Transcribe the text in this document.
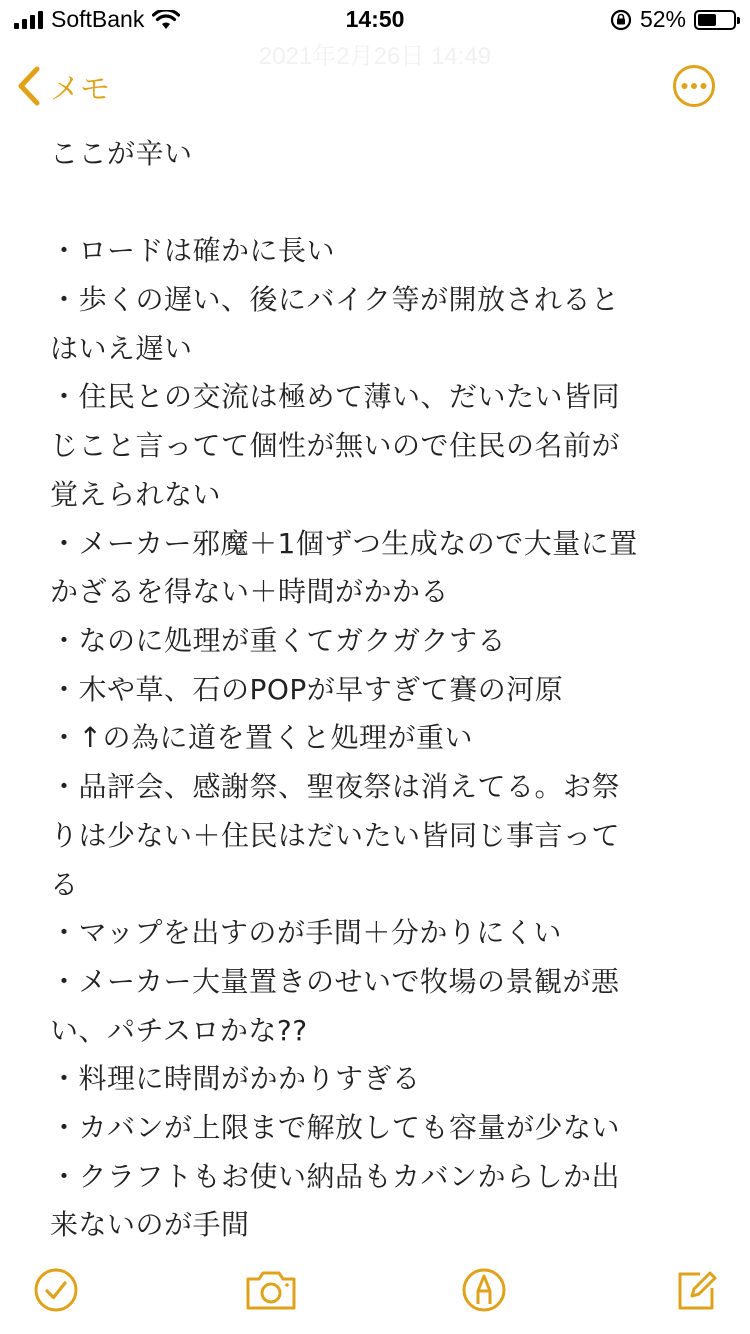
SoftBank	14:50	52%
2021年2月26日 14:49
メモ
ここが辛い
・ロードは確かに長い
・歩くの遅い、後にバイク等が開放されると
はいえ遅い
・住民との交流は極めて薄い、だいたい皆同
じこと言ってて個性が無いので住民の名前が
覚えられない
・メーカー邪魔＋1個ずつ生成なので大量に置
かざるを得ない＋時間がかかる
・なのに処理が重くてガクガクする
・木や草、石のPOPが早すぎて賽の河原
・↑の為に道を置くと処理が重い
・品評会、感謝祭、聖夜祭は消えてる。お祭
りは少ない＋住民はだいたい皆同じ事言って
る
・マップを出すのが手間＋分かりにくい
・メーカー大量置きのせいで牧場の景観が悪
い、パチスロかな??
・料理に時間がかかりすぎる
・カバンが上限まで解放しても容量が少ない
・クラフトもお使い納品もカバンからしか出
来ないのが手間
